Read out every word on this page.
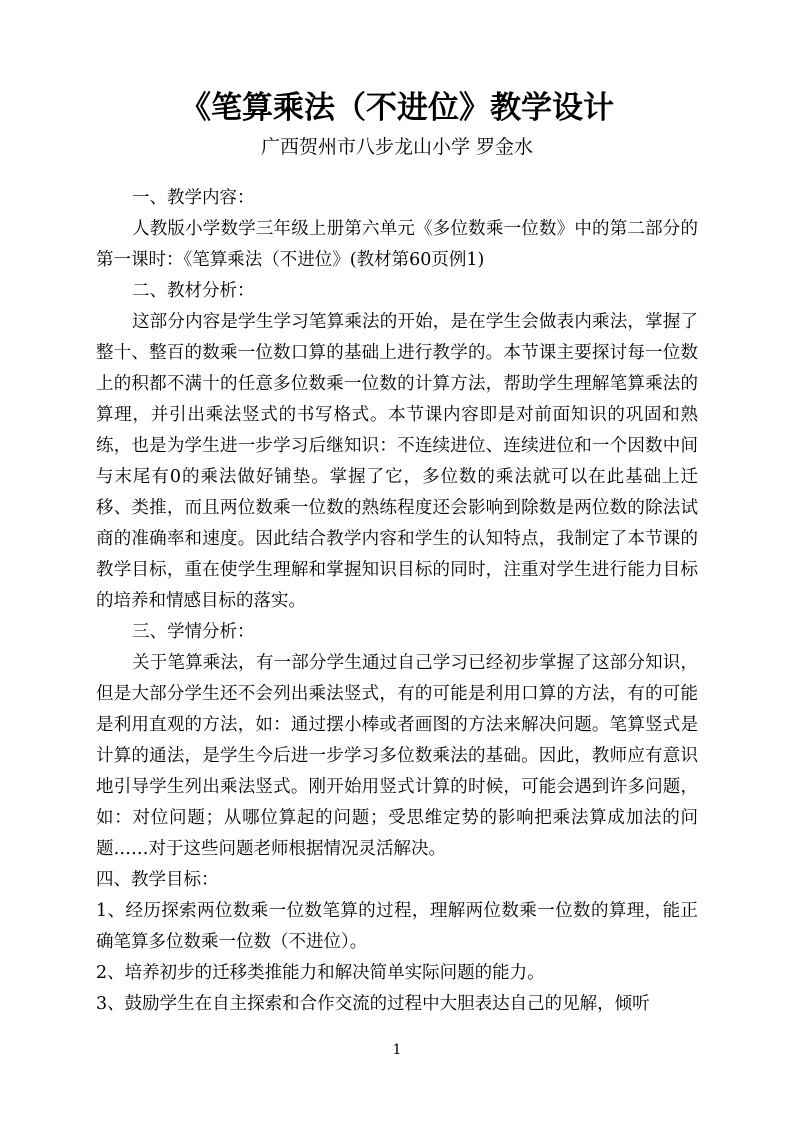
《笔算乘法（不进位》教学设计

广西贺州市八步龙山小学 罗金水

一、教学内容：

人教版小学数学三年级上册第六单元《多位数乘一位数》中的第二部分的第一课时：《笔算乘法（不进位》(教材第60页例1)

二、教材分析：

这部分内容是学生学习笔算乘法的开始，是在学生会做表内乘法，掌握了整十、整百的数乘一位数口算的基础上进行教学的。本节课主要探讨每一位数上的积都不满十的任意多位数乘一位数的计算方法，帮助学生理解笔算乘法的算理，并引出乘法竖式的书写格式。本节课内容即是对前面知识的巩固和熟练，也是为学生进一步学习后继知识：不连续进位、连续进位和一个因数中间与末尾有0的乘法做好铺垫。掌握了它，多位数的乘法就可以在此基础上迁移、类推，而且两位数乘一位数的熟练程度还会影响到除数是两位数的除法试商的准确率和速度。因此结合教学内容和学生的认知特点，我制定了本节课的教学目标，重在使学生理解和掌握知识目标的同时，注重对学生进行能力目标的培养和情感目标的落实。

三、学情分析：

关于笔算乘法，有一部分学生通过自己学习已经初步掌握了这部分知识，但是大部分学生还不会列出乘法竖式，有的可能是利用口算的方法，有的可能是利用直观的方法，如：通过摆小棒或者画图的方法来解决问题。笔算竖式是计算的通法，是学生今后进一步学习多位数乘法的基础。因此，教师应有意识地引导学生列出乘法竖式。刚开始用竖式计算的时候，可能会遇到许多问题，如：对位问题；从哪位算起的问题；受思维定势的影响把乘法算成加法的问题……对于这些问题老师根据情况灵活解决。

四、教学目标：

1、经历探索两位数乘一位数笔算的过程，理解两位数乘一位数的算理，能正确笔算多位数乘一位数（不进位）。

2、培养初步的迁移类推能力和解决简单实际问题的能力。

3、鼓励学生在自主探索和合作交流的过程中大胆表达自己的见解，倾听

1
